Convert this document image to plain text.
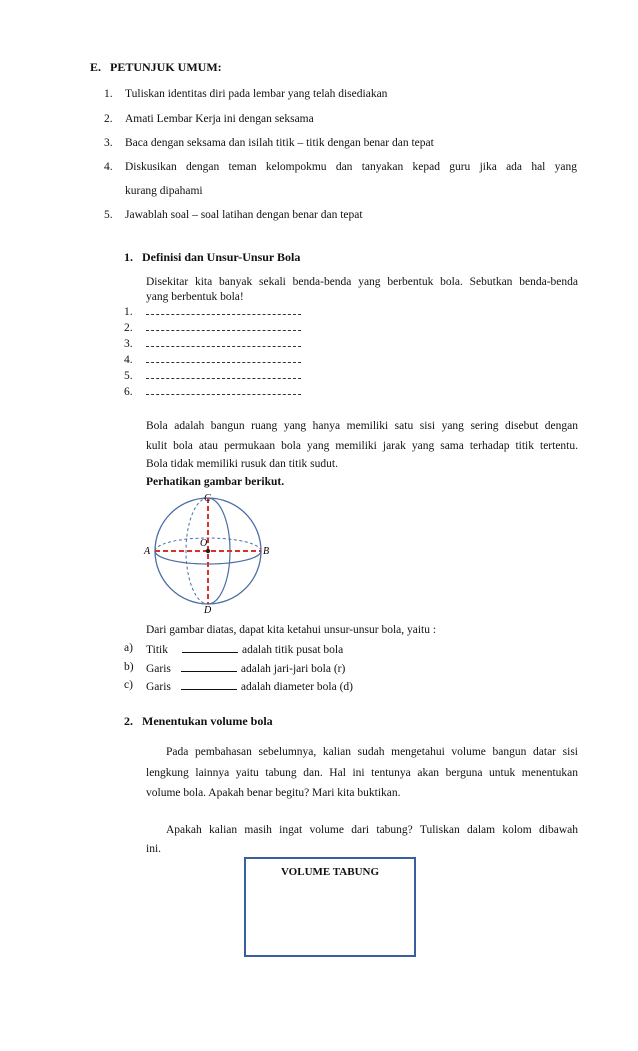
E.   PETUNJUK UMUM:
1. Tuliskan identitas diri pada lembar yang telah disediakan
2. Amati Lembar Kerja ini dengan seksama
3. Baca dengan seksama dan isilah titik – titik dengan benar dan tepat
4. Diskusikan dengan teman kelompokmu dan tanyakan kepad guru jika ada hal yang
kurang dipahami
5. Jawablah soal – soal latihan dengan benar dan tepat
1.   Definisi dan Unsur-Unsur Bola
Disekitar kita banyak sekali benda-benda yang berbentuk bola. Sebutkan benda-benda
yang berbentuk bola!
1.
2.
3.
4.
5.
6.
Bola adalah bangun ruang yang hanya memiliki satu sisi yang sering disebut dengan
kulit bola atau permukaan bola yang memiliki jarak yang sama terhadap titik tertentu.
Bola tidak memiliki rusuk dan titik sudut.
Perhatikan gambar berikut.
C
O
A	B
D
Dari gambar diatas, dapat kita ketahui unsur-unsur bola, yaitu :
a) Titik	adalah titik pusat bola
b) Garis	adalah jari-jari bola (r)
c) Garis	adalah diameter bola (d)
2.   Menentukan volume bola
Pada pembahasan sebelumnya, kalian sudah mengetahui volume bangun datar sisi
lengkung lainnya yaitu tabung dan. Hal ini tentunya akan berguna untuk menentukan
volume bola. Apakah benar begitu? Mari kita buktikan.
Apakah kalian masih ingat volume dari tabung? Tuliskan dalam kolom dibawah
ini.
VOLUME TABUNG
